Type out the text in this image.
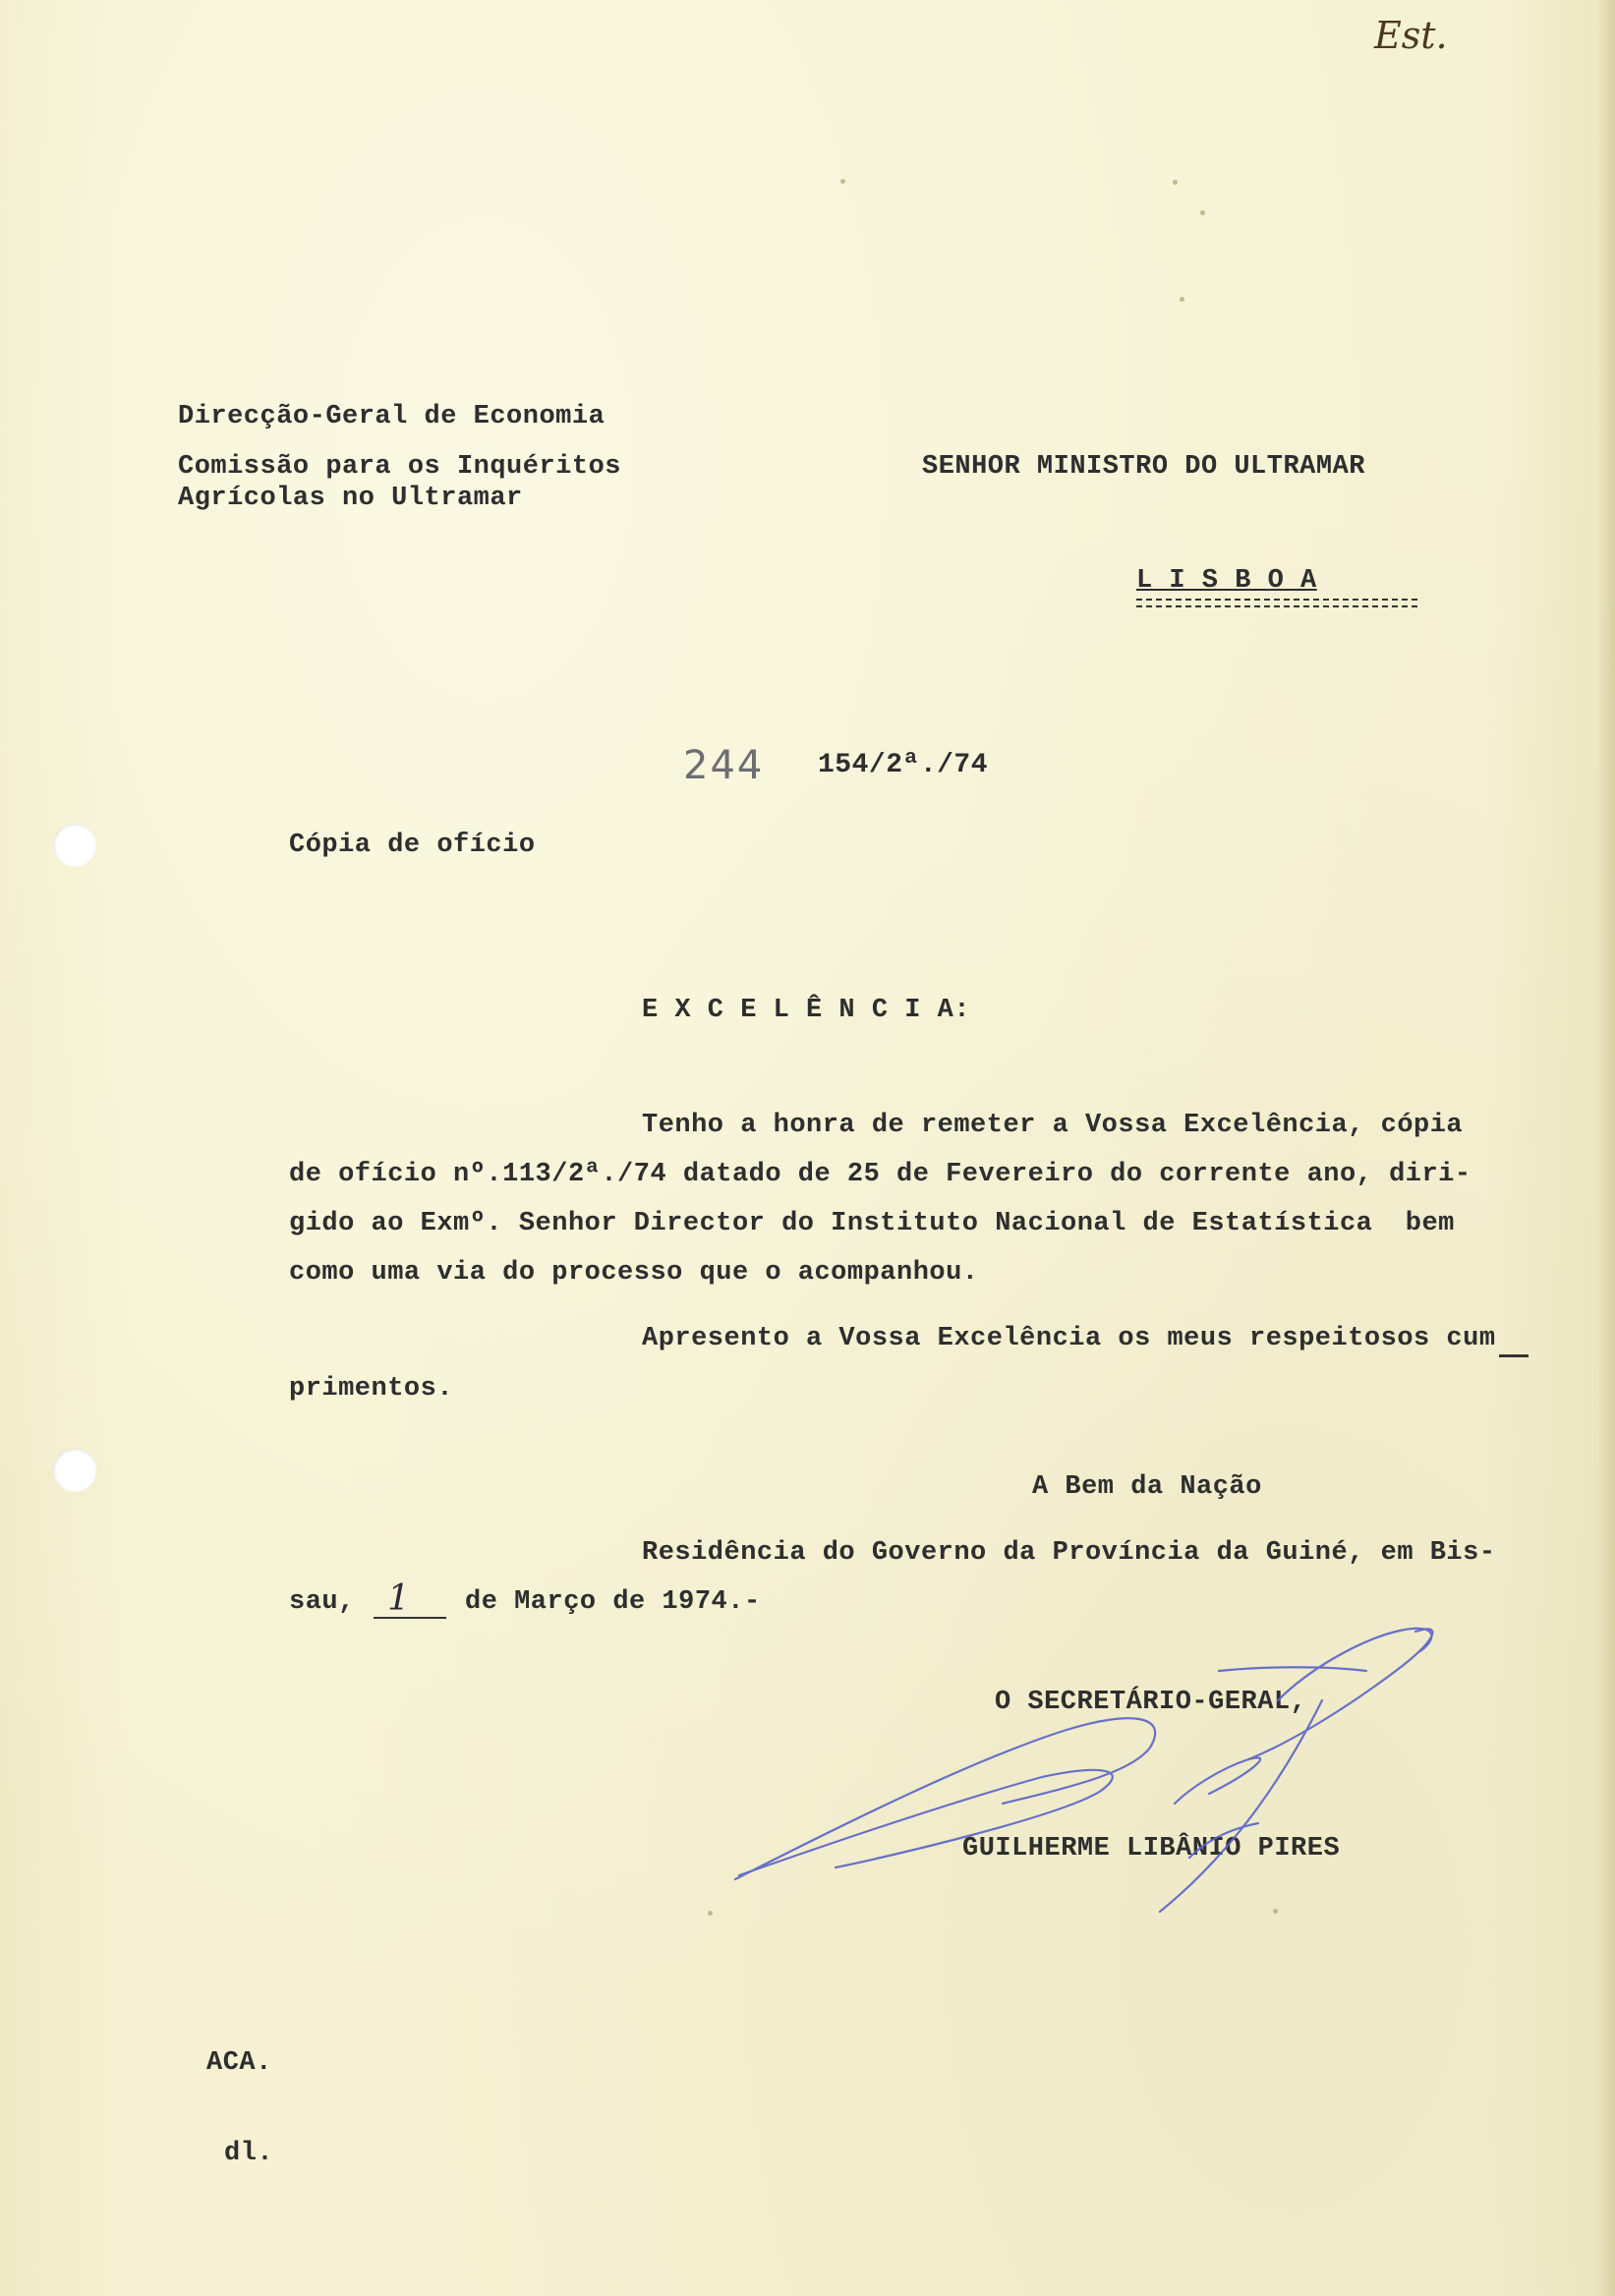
Est.
Direcção-Geral de Economia
Comissão para os Inquéritos
Agrícolas no Ultramar
SENHOR MINISTRO DO ULTRAMAR
L I S B O A
244 154/2ª./74
Cópia de ofício
E X C E L Ê N C I A:
Tenho a honra de remeter a Vossa Excelência, cópia
de ofício nº.113/2ª./74 datado de 25 de Fevereiro do corrente ano, diri-
gido ao Exmº. Senhor Director do Instituto Nacional de Estatística  bem
como uma via do processo que o acompanhou.
Apresento a Vossa Excelência os meus respeitosos cum
primentos.
A Bem da Nação
Residência do Governo da Província da Guiné, em Bis-
sau, 1 de Março de 1974.-
O SECRETÁRIO-GERAL,
GUILHERME LIBÂNIO PIRES
ACA.
dl.
